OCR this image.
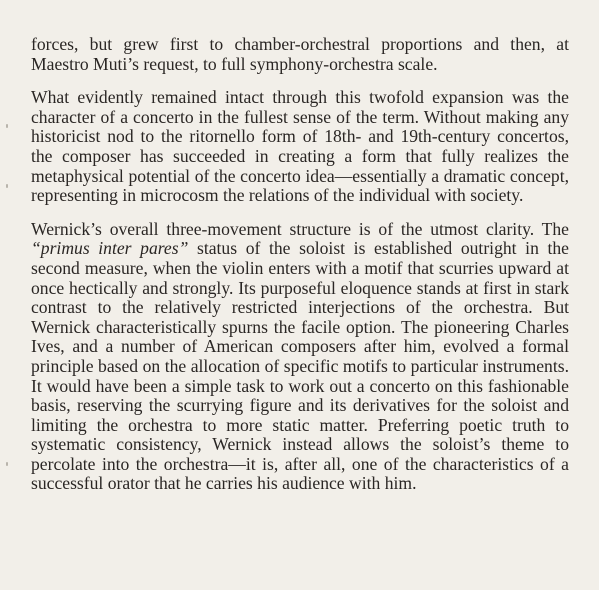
forces, but grew first to chamber-orchestral proportions and then, at Maestro Muti’s request, to full symphony-orchestra scale.

What evidently remained intact through this twofold expansion was the character of a concerto in the fullest sense of the term. Without making any historicist nod to the ritornello form of 18th- and 19th-century concertos, the composer has succeeded in creating a form that fully realizes the metaphysical potential of the concerto idea—essentially a dramatic concept, representing in microcosm the relations of the individual with society.

Wernick’s overall three-movement structure is of the utmost clarity. The “primus inter pares” status of the soloist is established outright in the second measure, when the violin enters with a motif that scurries upward at once hectically and strongly. Its purposeful eloquence stands at first in stark contrast to the relatively restricted interjections of the orchestra. But Wernick characteristically spurns the facile option. The pioneering Charles Ives, and a number of American composers after him, evolved a formal principle based on the allocation of specific motifs to particular instruments. It would have been a simple task to work out a concerto on this fashionable basis, reserving the scurrying figure and its derivatives for the soloist and limiting the orchestra to more static matter. Preferring poetic truth to systematic consistency, Wernick instead allows the soloist’s theme to percolate into the orchestra—it is, after all, one of the characteristics of a successful orator that he carries his audience with him.
